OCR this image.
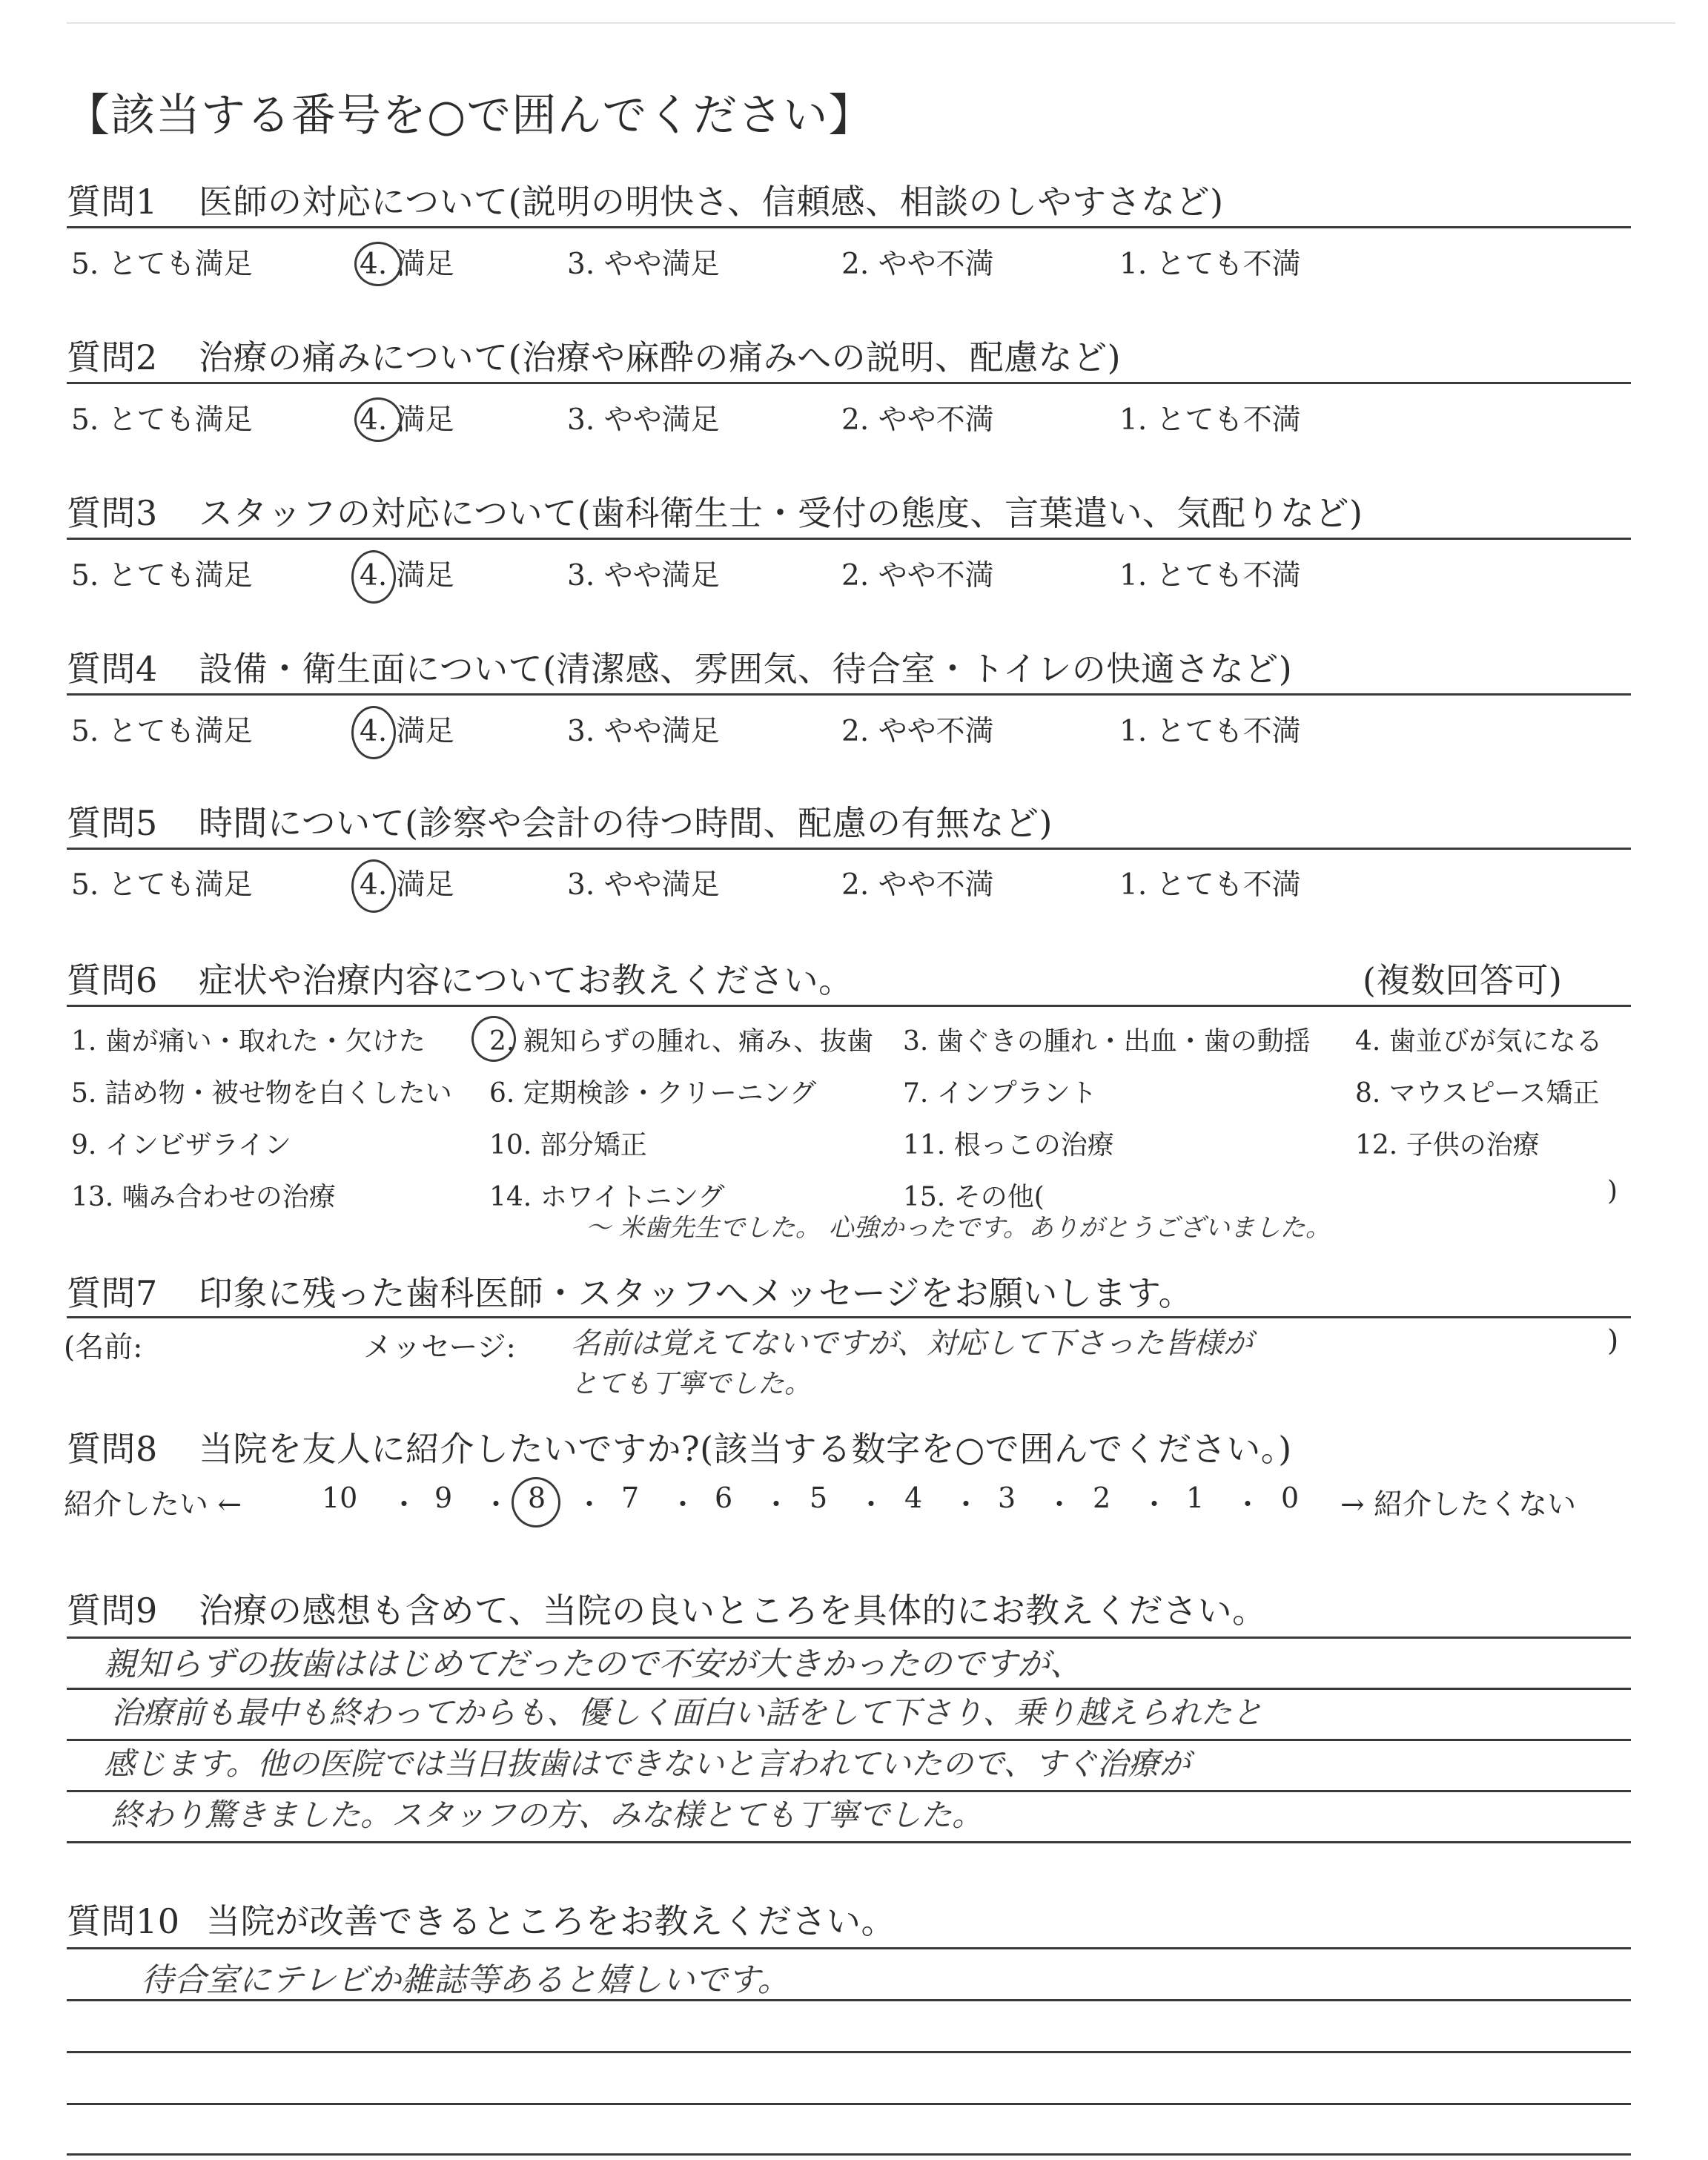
【該当する番号を○で囲んでください】
質問1 医師の対応について(説明の明快さ、信頼感、相談のしやすさなど)
5. とても満足	4. 満足	3. やや満足	2. やや不満	1. とても不満
質問2 治療の痛みについて(治療や麻酔の痛みへの説明、配慮など)
5. とても満足	4. 満足	3. やや満足	2. やや不満	1. とても不満
質問3 スタッフの対応について(歯科衛生士・受付の態度、言葉遣い、気配りなど)
5. とても満足	4. 満足	3. やや満足	2. やや不満	1. とても不満
質問4 設備・衛生面について(清潔感、雰囲気、待合室・トイレの快適さなど)
5. とても満足	4. 満足	3. やや満足	2. やや不満	1. とても不満
質問5 時間について(診察や会計の待つ時間、配慮の有無など)
5. とても満足	4. 満足	3. やや満足	2. やや不満	1. とても不満
質問6 症状や治療内容についてお教えください。	(複数回答可)
1. 歯が痛い・取れた・欠けた 2. 親知らずの腫れ、痛み、抜歯 3. 歯ぐきの腫れ・出血・歯の動揺 4. 歯並びが気になる
5. 詰め物・被せ物を白くしたい 6. 定期検診・クリーニング	7. インプラント	8. マウスピース矯正
9. インビザライン	10. 部分矯正	11. 根っこの治療	12. 子供の治療
13. 噛み合わせの治療	14. ホワイトニング	15. その他(	)
〜 米歯先生でした。 心強かったです。ありがとうございました。
質問7 印象に残った歯科医師・スタッフへメッセージをお願いします。
(名前:	メッセージ:	)
名前は覚えてないですが、対応して下さった皆様が
とても丁寧でした。
質問8 当院を友人に紹介したいですか?(該当する数字を○で囲んでください。)
紹介したい ←	→ 紹介したくない
10 ・ 9 ・ 8 ・ 7 ・ 6 ・ 5 ・ 4 ・ 3 ・ 2 ・ 1 ・ 0
質問9 治療の感想も含めて、当院の良いところを具体的にお教えください。
親知らずの抜歯ははじめてだったので不安が大きかったのですが、
治療前も最中も終わってからも、優しく面白い話をして下さり、乗り越えられたと
感じます。他の医院では当日抜歯はできないと言われていたので、すぐ治療が
終わり驚きました。スタッフの方、みな様とても丁寧でした。
質問10 当院が改善できるところをお教えください。
待合室にテレビか雑誌等あると嬉しいです。
